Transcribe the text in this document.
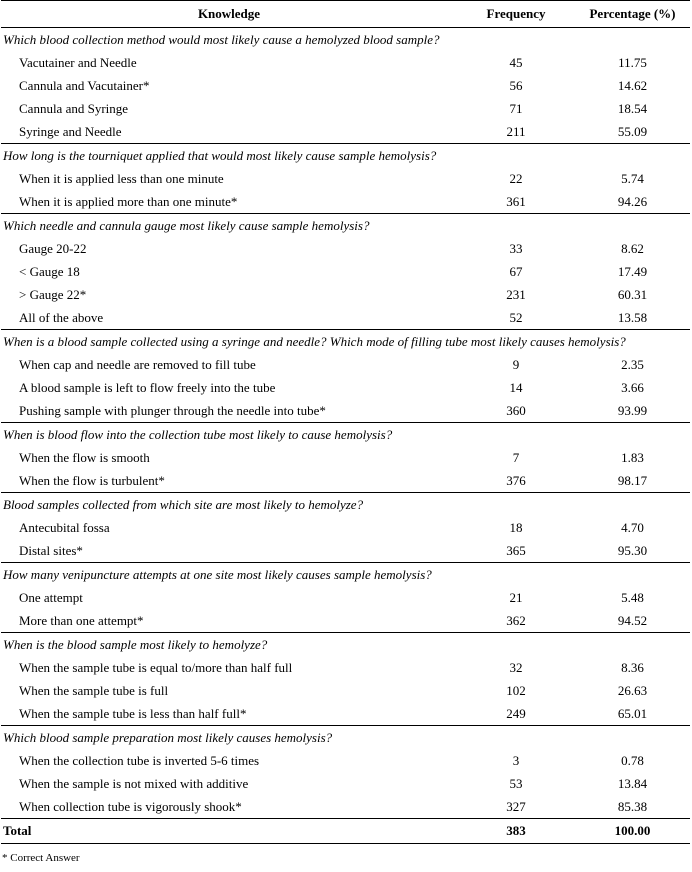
Knowledge	Frequency	Percentage (%)
Which blood collection method would most likely cause a hemolyzed blood sample?		
Vacutainer and Needle	45	11.75
Cannula and Vacutainer*	56	14.62
Cannula and Syringe	71	18.54
Syringe and Needle	211	55.09
How long is the tourniquet applied that would most likely cause sample hemolysis?		
When it is applied less than one minute	22	5.74
When it is applied more than one minute*	361	94.26
Which needle and cannula gauge most likely cause sample hemolysis?		
Gauge 20-22	33	8.62
< Gauge 18	67	17.49
> Gauge 22*	231	60.31
All of the above	52	13.58
When is a blood sample collected using a syringe and needle? Which mode of filling tube most likely causes hemolysis?		
When cap and needle are removed to fill tube	9	2.35
A blood sample is left to flow freely into the tube	14	3.66
Pushing sample with plunger through the needle into tube*	360	93.99
When is blood flow into the collection tube most likely to cause hemolysis?		
When the flow is smooth	7	1.83
When the flow is turbulent*	376	98.17
Blood samples collected from which site are most likely to hemolyze?		
Antecubital fossa	18	4.70
Distal sites*	365	95.30
How many venipuncture attempts at one site most likely causes sample hemolysis?		
One attempt	21	5.48
More than one attempt*	362	94.52
When is the blood sample most likely to hemolyze?		
When the sample tube is equal to/more than half full	32	8.36
When the sample tube is full	102	26.63
When the sample tube is less than half full*	249	65.01
Which blood sample preparation most likely causes hemolysis?		
When the collection tube is inverted 5-6 times	3	0.78
When the sample is not mixed with additive	53	13.84
When collection tube is vigorously shook*	327	85.38
Total	383	100.00
* Correct Answer
